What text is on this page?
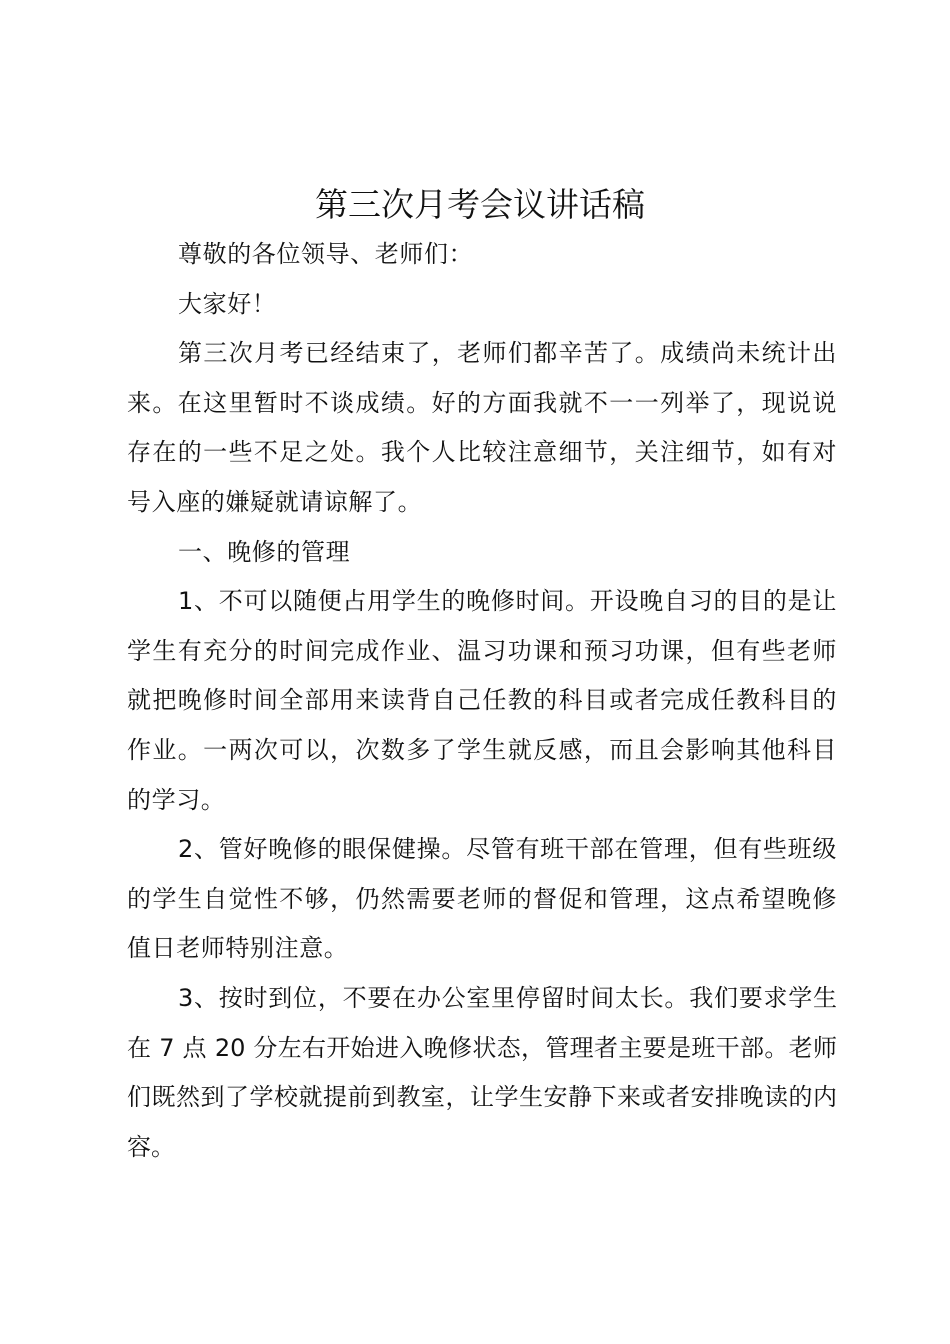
第三次月考会议讲话稿

尊敬的各位领导、老师们：

大家好！

第三次月考已经结束了，老师们都辛苦了。成绩尚未统计出来。在这里暂时不谈成绩。好的方面我就不一一列举了，现说说存在的一些不足之处。我个人比较注意细节，关注细节，如有对号入座的嫌疑就请谅解了。

一、晚修的管理

1、不可以随便占用学生的晚修时间。开设晚自习的目的是让学生有充分的时间完成作业、温习功课和预习功课，但有些老师就把晚修时间全部用来读背自己任教的科目或者完成任教科目的作业。一两次可以，次数多了学生就反感，而且会影响其他科目的学习。

2、管好晚修的眼保健操。尽管有班干部在管理，但有些班级的学生自觉性不够，仍然需要老师的督促和管理，这点希望晚修值日老师特别注意。

3、按时到位，不要在办公室里停留时间太长。我们要求学生在 7 点 20 分左右开始进入晚修状态，管理者主要是班干部。老师们既然到了学校就提前到教室，让学生安静下来或者安排晚读的内容。
